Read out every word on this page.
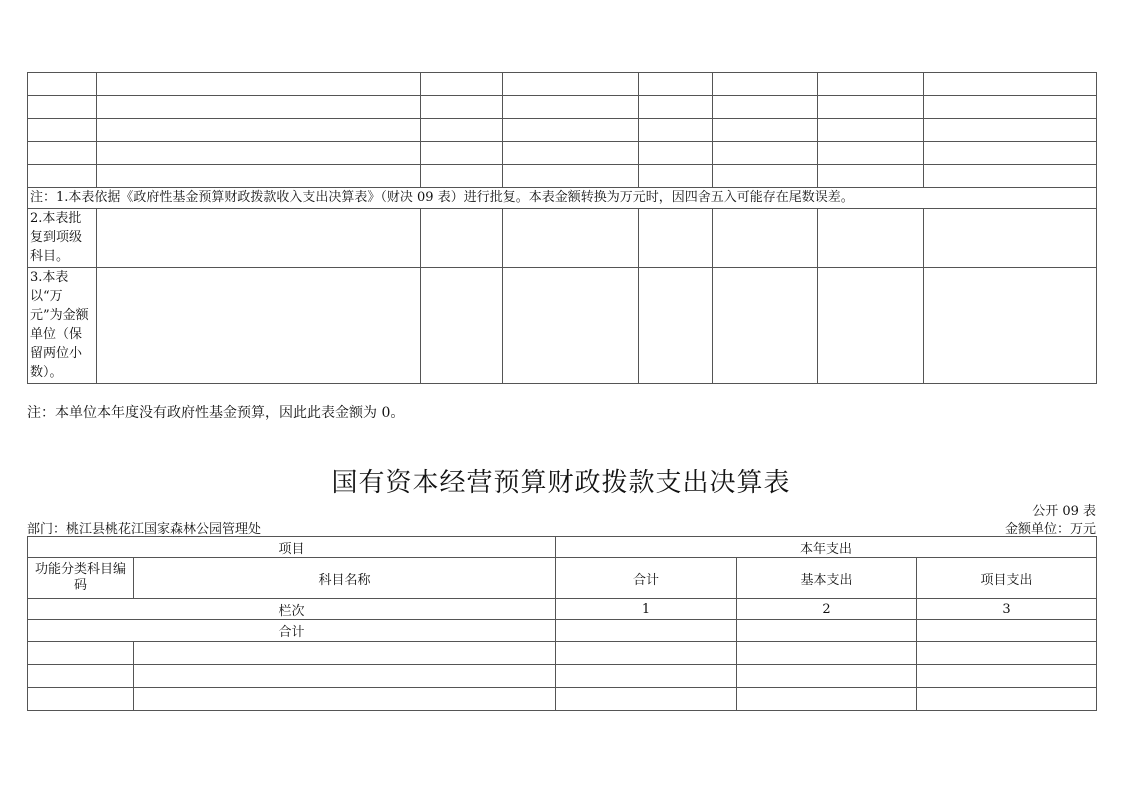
注：1.本表依据《政府性基金预算财政拨款收入支出决算表》（财决 09 表）进行批复。本表金额转换为万元时，因四舍五入可能存在尾数误差。							
2.本表批复到项级科目。							
3.本表以“万元”为金额单位（保留两位小数）。							
注：本单位本年度没有政府性基金预算，因此此表金额为 0。
国有资本经营预算财政拨款支出决算表
公开 09 表
部门：桃江县桃花江国家森林公园管理处	金额单位：万元
项目		本年支出		
功能分类科目编码	科目名称	合计	基本支出	项目支出
栏次		1	2	3
合计				
